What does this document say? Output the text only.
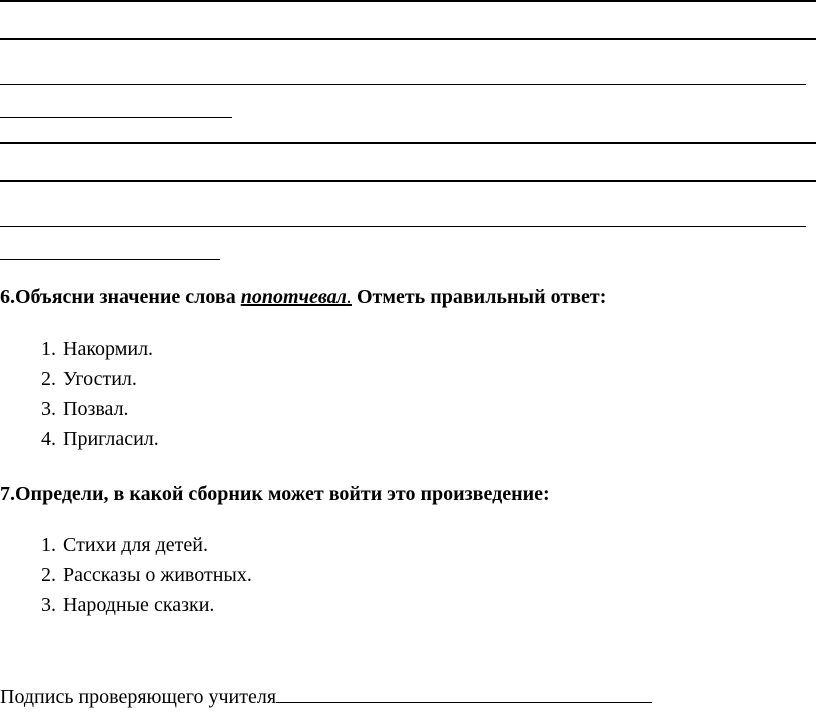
6.Объясни значение слова попотчевал. Отметь правильный ответ:

1. Накормил.
2. Угостил.
3. Позвал.
4. Пригласил.

7.Определи, в какой сборник может войти это произведение:

1. Стихи для детей.
2. Рассказы о животных.
3. Народные сказки.
Подпись проверяющего учителя
